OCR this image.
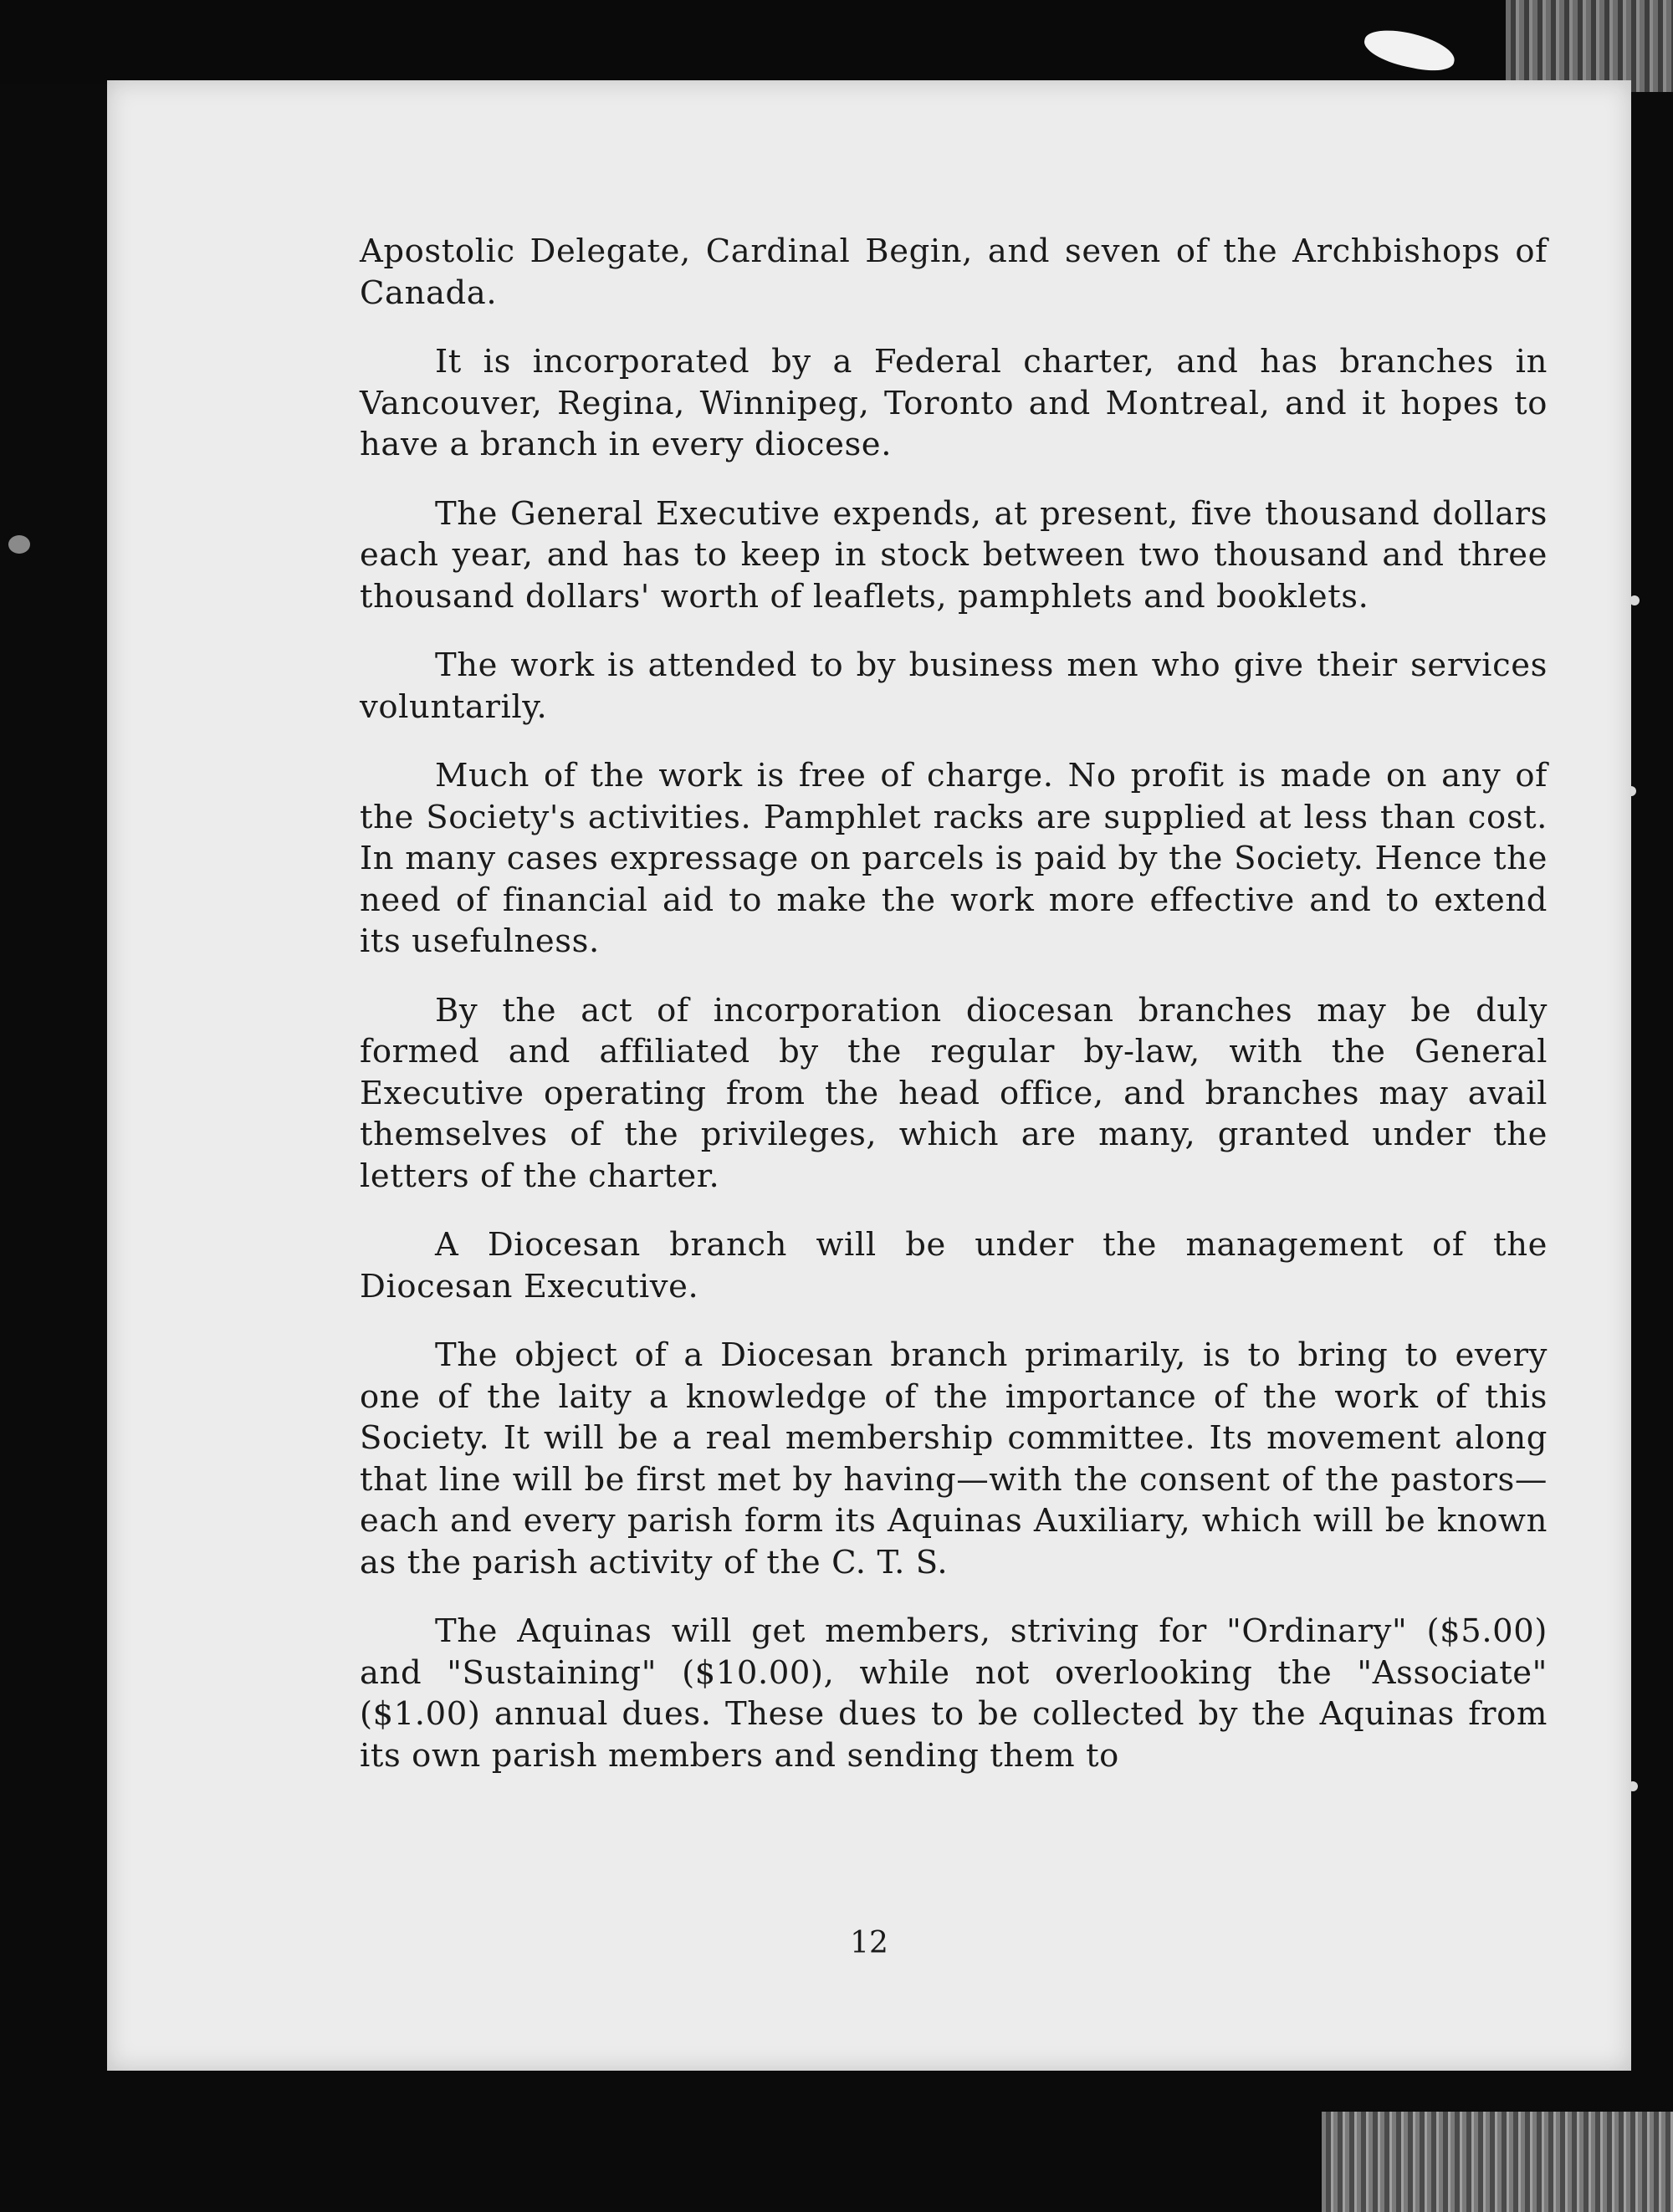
Apostolic Delegate, Cardinal Begin, and seven of the Archbishops of Canada.

It is incorporated by a Federal charter, and has branches in Vancouver, Regina, Winnipeg, Toronto and Montreal, and it hopes to have a branch in every diocese.

The General Executive expends, at present, five thousand dollars each year, and has to keep in stock between two thousand and three thousand dollars' worth of leaflets, pamphlets and booklets.

The work is attended to by business men who give their services voluntarily.

Much of the work is free of charge. No profit is made on any of the Society's activities. Pamphlet racks are supplied at less than cost. In many cases expressage on parcels is paid by the Society. Hence the need of financial aid to make the work more effective and to extend its usefulness.

By the act of incorporation diocesan branches may be duly formed and affiliated by the regular by-law, with the General Executive operating from the head office, and branches may avail themselves of the privileges, which are many, granted under the letters of the charter.

A Diocesan branch will be under the management of the Diocesan Executive.

The object of a Diocesan branch primarily, is to bring to every one of the laity a knowledge of the importance of the work of this Society. It will be a real membership committee. Its movement along that line will be first met by having—with the consent of the pastors—each and every parish form its Aquinas Auxiliary, which will be known as the parish activity of the C. T. S.

The Aquinas will get members, striving for "Ordinary" ($5.00) and "Sustaining" ($10.00), while not overlooking the "Associate" ($1.00) annual dues. These dues to be collected by the Aquinas from its own parish members and sending them to

12
